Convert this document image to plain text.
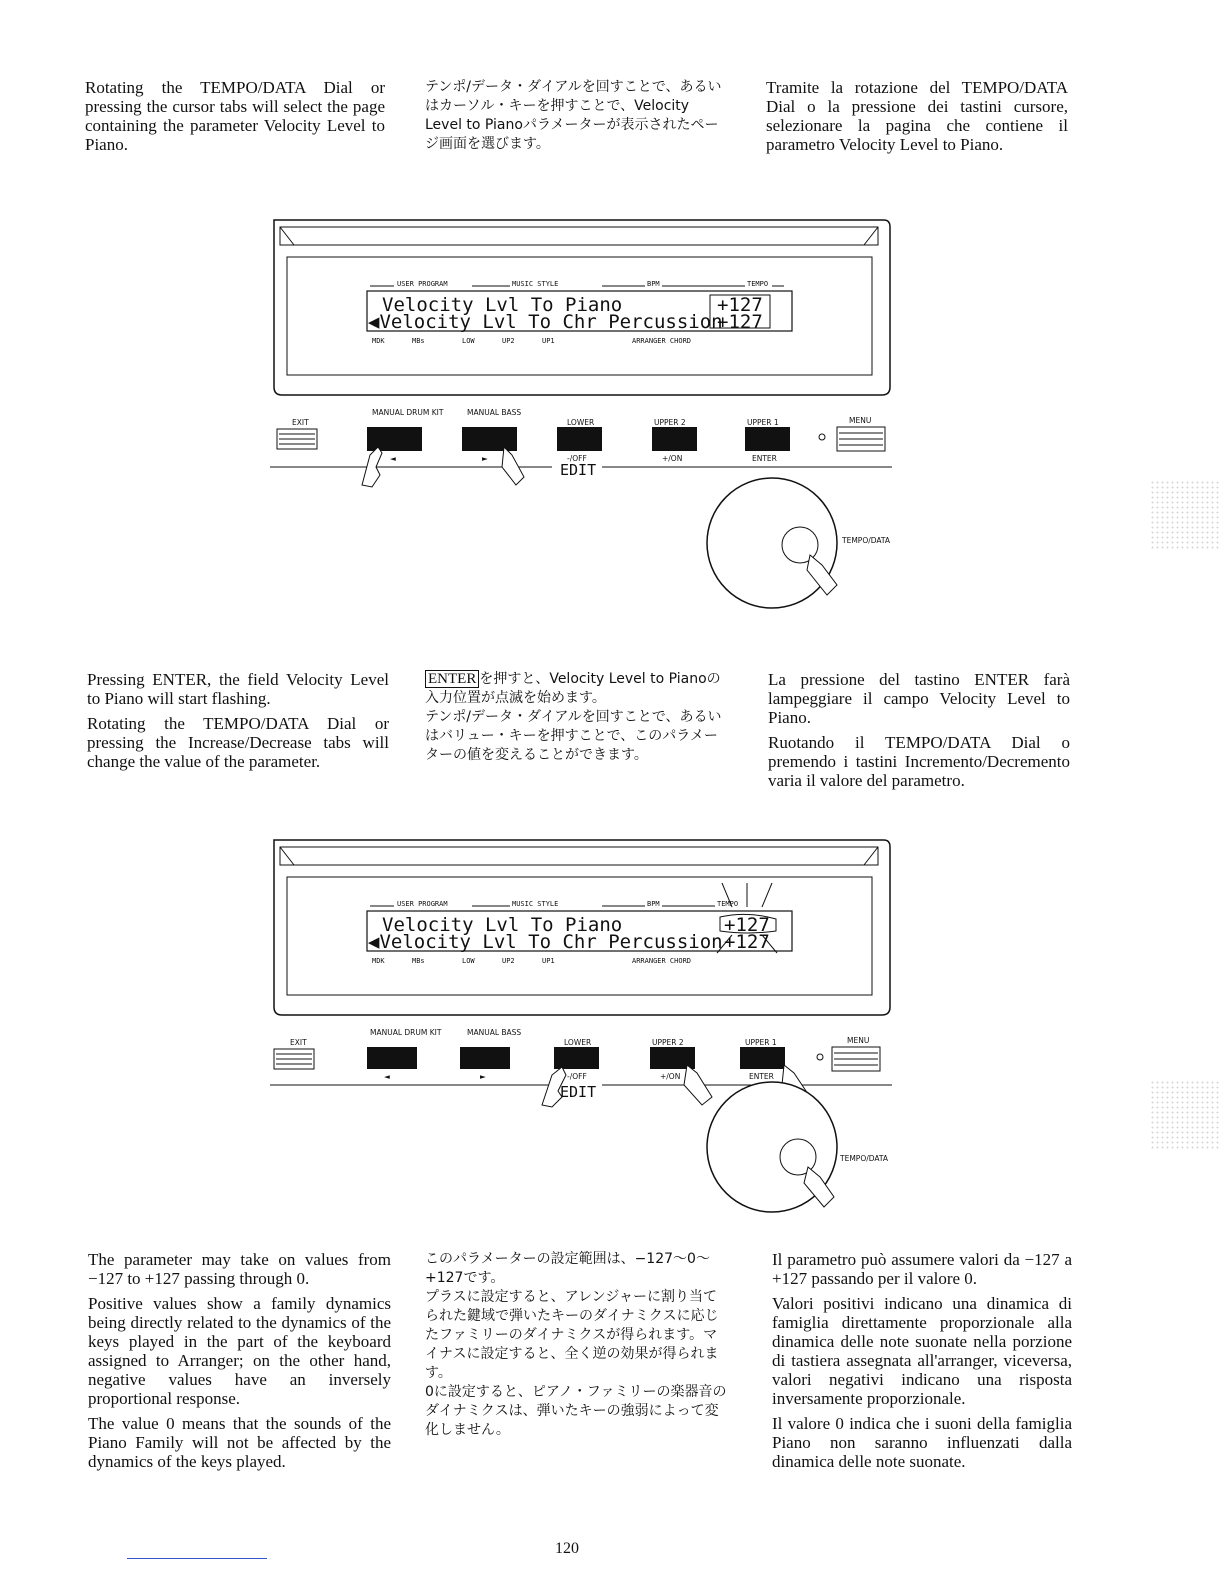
Rotating the TEMPO/DATA Dial or pressing the cursor tabs will select the page containing the parameter Velocity Level to Piano.

テンポ/データ・ダイアルを回すことで、あるいはカーソル・キーを押すことで、Velocity Level to Pianoパラメーターが表示されたページ画面を選びます。

Tramite la rotazione del TEMPO/DATA Dial o la pressione dei tastini cursore, selezionare la pagina che contiene il parametro Velocity Level to Piano.

USER PROGRAM	MUSIC STYLE	BPM	TEMPO
Velocity Lvl To Piano	+127
◀Velocity Lvl To Chr Percussion
+127
MDK	MBs	LOW	UP2	UP1	ARRANGER CHORD
EXIT
MANUAL DRUM KIT
◄
MANUAL BASS
►
LOWER
-/OFF
UPPER 2
+/ON
UPPER 1
ENTER
MENU
EDIT
TEMPO/DATA

Pressing ENTER, the field Velocity Level to Piano will start flashing.

Rotating the TEMPO/DATA Dial or pressing the Increase/Decrease tabs will change the value of the parameter.

ENTER を押すと、Velocity Level to Pianoの入力位置が点滅を始めます。

テンポ/データ・ダイアルを回すことで、あるいはバリュー・キーを押すことで、このパラメーターの値を変えることができます。

La pressione del tastino ENTER farà lampeggiare il campo Velocity Level to Piano.

Ruotando il TEMPO/DATA Dial o premendo i tastini Incremento/Decremento varia il valore del parametro.

USER PROGRAM	MUSIC STYLE	BPM	TEMPO
Velocity Lvl To Piano	+127
◀Velocity Lvl To Chr Percussion +127
MDK	MBs	LOW	UP2	UP1	ARRANGER CHORD
EXIT
MANUAL DRUM KIT
◄
MANUAL BASS
►
LOWER
-/OFF
UPPER 2
+/ON
UPPER 1
ENTER
MENU
EDIT
TEMPO/DATA

The parameter may take on values from −127 to +127 passing through 0.

Positive values show a family dynamics being directly related to the dynamics of the keys played in the part of the keyboard assigned to Arranger; on the other hand, negative values have an inversely proportional response.

The value 0 means that the sounds of the Piano Family will not be affected by the dynamics of the keys played.

このパラメーターの設定範囲は、−127〜0〜+127です。

プラスに設定すると、アレンジャーに割り当てられた鍵域で弾いたキーのダイナミクスに応じたファミリーのダイナミクスが得られます。マイナスに設定すると、全く逆の効果が得られます。

0に設定すると、ピアノ・ファミリーの楽器音のダイナミクスは、弾いたキーの強弱によって変化しません。

Il parametro può assumere valori da −127 a +127 passando per il valore 0.

Valori positivi indicano una dinamica di famiglia direttamente proporzionale alla dinamica delle note suonate nella porzione di tastiera assegnata all'arranger, viceversa, valori negativi indicano una risposta inversamente proporzionale.

Il valore 0 indica che i suoni della famiglia Piano non saranno influenzati dalla dinamica delle note suonate.

120
